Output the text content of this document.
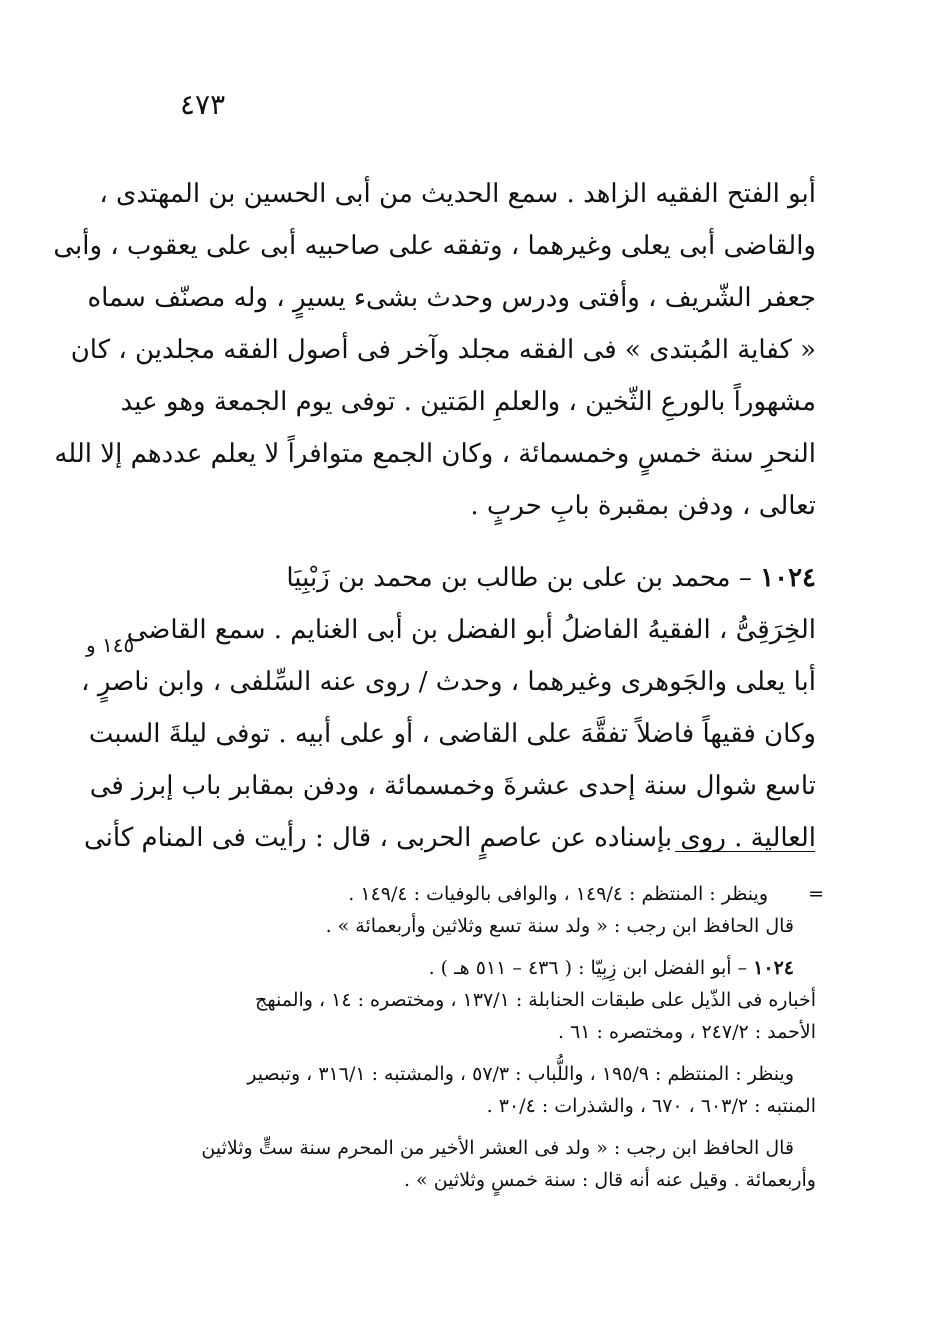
٤٧٣
١٤٥ و
أبو الفتح الفقيه الزاهد . سمع الحديث من أبى الحسين بن المهتدى ،
والقاضى أبى يعلى وغيرهما ، وتفقه على صاحبيه أبى على يعقوب ، وأبى
جعفر الشّريف ، وأفتى ودرس وحدث بشىء يسيرٍ ، وله مصنّف سماه
« كفاية المُبتدى » فى الفقه مجلد وآخر فى أصول الفقه مجلدين ، كان
مشهوراً بالورعِ الثّخين ، والعلمِ المَتين . توفى يوم الجمعة وهو عيد
النحرِ سنة خمسٍ وخمسمائة ، وكان الجمع متوافراً لا يعلم عددهم إلا الله
تعالى ، ودفن بمقبرة بابِ حربٍ .
١٠٢٤ – محمد بن على بن طالب بن محمد بن زَبْبِيَا
الخِرَقِىُّ ، الفقيهُ الفاضلُ أبو الفضل بن أبى الغنايم . سمع القاضى
أبا يعلى والجَوهرى وغيرهما ، وحدث / روى عنه السِّلفى ، وابن ناصرٍ ،
وكان فقيهاً فاضلاً تفقَّهَ على القاضى ، أو على أبيه . توفى ليلةَ السبت
تاسع شوال سنة إحدى عشرةَ وخمسمائة ، ودفن بمقابر باب إبرز فى
العالية . روى بإسناده عن عاصمٍ الحربى ، قال : رأيت فى المنام كأنى
=
وينظر : المنتظم : ١٤٩/٤ ، والوافى بالوفيات : ١٤٩/٤ .
قال الحافظ ابن رجب : « ولد سنة تسع وثلاثين وأربعمائة » .
١٠٢٤ – أبو الفضل ابن زِبِيّا : ( ٤٣٦ – ٥١١ هـ ) .
أخباره فى الذّيل على طبقات الحنابلة : ١٣٧/١ ، ومختصره : ١٤ ، والمنهج
الأحمد : ٢٤٧/٢ ، ومختصره : ٦١ .
وينظر : المنتظم : ١٩٥/٩ ، واللُّباب : ٥٧/٣ ، والمشتبه : ٣١٦/١ ، وتبصير
المنتبه : ٦٠٣/٢ ، ٦٧٠ ، والشذرات : ٣٠/٤ .
قال الحافظ ابن رجب : « ولد فى العشر الأخير من المحرم سنة ستٍّ وثلاثين
وأربعمائة . وقيل عنه أنه قال : سنة خمسٍ وثلاثين » .
